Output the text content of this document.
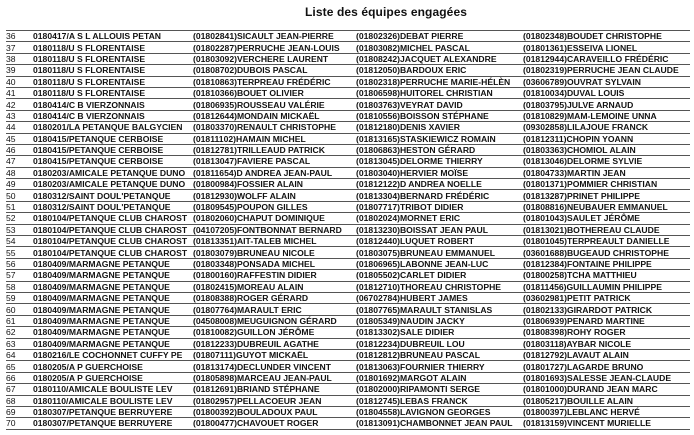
Liste des équipes engagées
36	0180417/A S L ALLOUIS PETAN	(01802841)SICAULT JEAN-PIERRE	(01802326)DEBAT PIERRE	(01802348)BOUDET CHRISTOPHE
37	0180118/U S FLORENTAISE	(01802287)PERRUCHE JEAN-LOUIS	(01803082)MICHEL PASCAL	(01801361)ESSEIVA LIONEL
38	0180118/U S FLORENTAISE	(01803092)VERCHERE LAURENT	(01808242)JACQUET ALEXANDRE	(01812944)CARAVEILLO FRÉDÉRIC
39	0180118/U S FLORENTAISE	(01808702)DUBOIS PASCAL	(01812050)BARDOUX ERIC	(01802319)PERRUCHE JEAN CLAUDE
40	0180118/U S FLORENTAISE	(01810863)TERPREAU FRÉDÉRIC	(01802318)PERRUCHE MARIE-HÉLÈN	(03606789)OUVRAT SYLVAIN
41	0180118/U S FLORENTAISE	(01810366)BOUET OLIVIER	(01806598)HUITOREL CHRISTIAN	(01810034)DUVAL LOUIS
42	0180414/C B VIERZONNAIS	(01806935)ROUSSEAU VALÉRIE	(01803763)VEYRAT DAVID	(01803795)JULVE ARNAUD
43	0180414/C B VIERZONNAIS	(01812644)MONDAIN MICKAËL	(01810556)BOISSON STÉPHANE	(01810829)MAM-LEMOINE UNNA
44	0180201/LA PETANQUE BALGYCIEN	(01803370)RENAULT CHRISTOPHE	(01812180)DENIS XAVIER	(09302858)LILAJOUE FRANCK
45	0180415/PETANQUE CERBOISE	(01811102)HAMAIN MICHEL	(01813165)STASKIEWICZ ROMAIN	(01812311)CHOPIN YOANN
46	0180415/PETANQUE CERBOISE	(01812781)TRILLEAUD PATRICK	(01806863)HESTON GÉRARD	(01803363)CHOMIOL ALAIN
47	0180415/PETANQUE CERBOISE	(01813047)FAVIERE PASCAL	(01813045)DELORME THIERRY	(01813046)DELORME SYLVIE
48	0180203/AMICALE PETANQUE DUNO	(01811654)D ANDREA JEAN-PAUL	(01803040)HERVIER MOÏSE	(01804733)MARTIN JEAN
49	0180203/AMICALE PETANQUE DUNO	(01800984)FOSSIER ALAIN	(01812122)D ANDREA NOELLE	(01801371)POMMIER CHRISTIAN
50	0180312/SAINT DOUL'PETANQUE	(01812930)WOLFF ALAIN	(01813304)BERNARD FRÉDÉRIC	(01813287)PRINET PHILIPPE
51	0180312/SAINT DOUL'PETANQUE	(01809545)POUPON GILLES	(01807717)TRIBOT DIDIER	(01808816)NEUBAUER EMMANUEL
52	0180104/PETANQUE CLUB CHAROST	(01802060)CHAPUT DOMINIQUE	(01802024)MORNET ERIC	(01801043)SAULET JÉRÔME
53	0180104/PETANQUE CLUB CHAROST	(04107205)FONTBONNAT BERNARD	(01813230)BOISSAT JEAN PAUL	(01813021)BOTHEREAU CLAUDE
54	0180104/PETANQUE CLUB CHAROST	(01813351)AIT-TALEB MICHEL	(01812440)LUQUET ROBERT	(01801045)TERPREAULT DANIELLE
55	0180104/PETANQUE CLUB CHAROST	(01803079)BRUNEAU NICOLE	(01803075)BRUNEAU EMMANUEL	(03601688)BUGEAUD CHRISTOPHE
56	0180409/MARMAGNE PETANQUE	(01803348)PONSADA MICHEL	(01806965)LABONNE JEAN-LUC	(01812384)FONTAINE PHILIPPE
57	0180409/MARMAGNE PETANQUE	(01800160)RAFFESTIN DIDIER	(01805502)CARLET DIDIER	(01800258)TCHA MATTHIEU
58	0180409/MARMAGNE PETANQUE	(01802415)MOREAU ALAIN	(01812710)THOREAU CHRISTOPHE	(01811456)GUILLAUMIN PHILIPPE
59	0180409/MARMAGNE PETANQUE	(01808388)ROGER GÉRARD	(06702784)HUBERT JAMES	(03602981)PETIT PATRICK
60	0180409/MARMAGNE PETANQUE	(01807764)MARAULT ERIC	(01807765)MARAULT STANISLAS	(01802133)GIRARDOT PATRICK
61	0180409/MARMAGNE PETANQUE	(04508008)MEUGUIGNON GÉRARD	(01805349)NAUDIN JACKY	(01806939)PENARD MARTINE
62	0180409/MARMAGNE PETANQUE	(01810082)GUILLON JÉRÔME	(01813302)SALE DIDIER	(01808398)ROHY ROGER
63	0180409/MARMAGNE PETANQUE	(01812233)DUBREUIL AGATHE	(01812234)DUBREUIL LOU	(01803118)AYBAR NICOLE
64	0180216/LE COCHONNET CUFFY PE	(01807111)GUYOT MICKAËL	(01812812)BRUNEAU PASCAL	(01812792)LAVAUT ALAIN
65	0180205/A P GUERCHOISE	(01813174)DECLUNDER VINCENT	(01813063)FOURNIER THIERRY	(01801727)LAGARDE BRUNO
66	0180205/A P GUERCHOISE	(01805898)MARCEAU JEAN-PAUL	(01801692)MARGOT ALAIN	(01801693)SALESSE JEAN-CLAUDE
67	0180110/AMICALE BOULISTE LEV	(01812691)BRIAND STÉPHANE	(01802000)RIPAMONTI SERGE	(01801000)DURAND JEAN MARC
68	0180110/AMICALE BOULISTE LEV	(01802957)PELLACOEUR JEAN	(01812745)LEBAS FRANCK	(01805217)BOUILLE ALAIN
69	0180307/PETANQUE BERRUYERE	(01800392)BOULADOUX PAUL	(01804558)LAVIGNON GEORGES	(01800397)LEBLANC HERVÉ
70	0180307/PETANQUE BERRUYERE	(01800477)CHAVOUET ROGER	(01813091)CHAMBONNET JEAN PAUL	(01813159)VINCENT MURIELLE
